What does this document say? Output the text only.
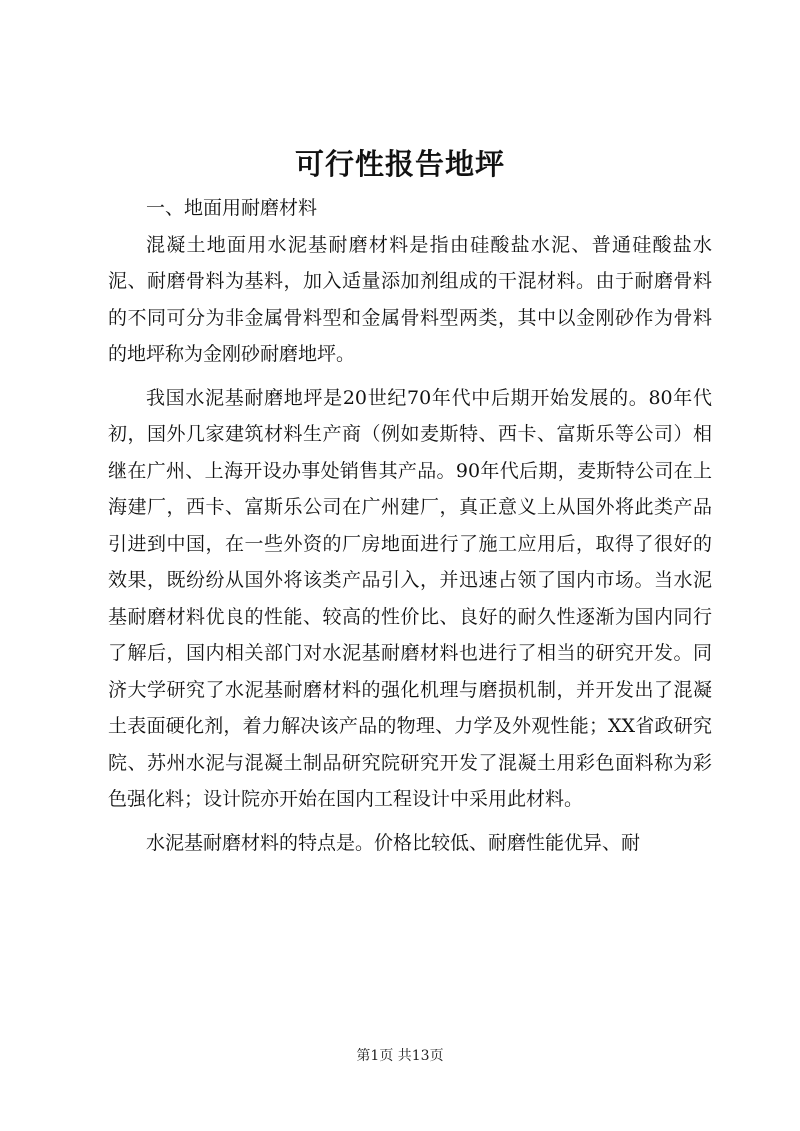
可行性报告地坪

一、地面用耐磨材料

混凝土地面用水泥基耐磨材料是指由硅酸盐水泥、普通硅酸盐水泥、耐磨骨料为基料，加入适量添加剂组成的干混材料。由于耐磨骨料的不同可分为非金属骨料型和金属骨料型两类，其中以金刚砂作为骨料的地坪称为金刚砂耐磨地坪。

我国水泥基耐磨地坪是20世纪70年代中后期开始发展的。80年代初，国外几家建筑材料生产商（例如麦斯特、西卡、富斯乐等公司）相继在广州、上海开设办事处销售其产品。90年代后期，麦斯特公司在上海建厂，西卡、富斯乐公司在广州建厂，真正意义上从国外将此类产品引进到中国，在一些外资的厂房地面进行了施工应用后，取得了很好的效果，既纷纷从国外将该类产品引入，并迅速占领了国内市场。当水泥基耐磨材料优良的性能、较高的性价比、良好的耐久性逐渐为国内同行了解后，国内相关部门对水泥基耐磨材料也进行了相当的研究开发。同济大学研究了水泥基耐磨材料的强化机理与磨损机制，并开发出了混凝土表面硬化剂，着力解决该产品的物理、力学及外观性能；XX省政研究院、苏州水泥与混凝土制品研究院研究开发了混凝土用彩色面料称为彩色强化料；设计院亦开始在国内工程设计中采用此材料。

水泥基耐磨材料的特点是。价格比较低、耐磨性能优异、耐

第1页 共13页
